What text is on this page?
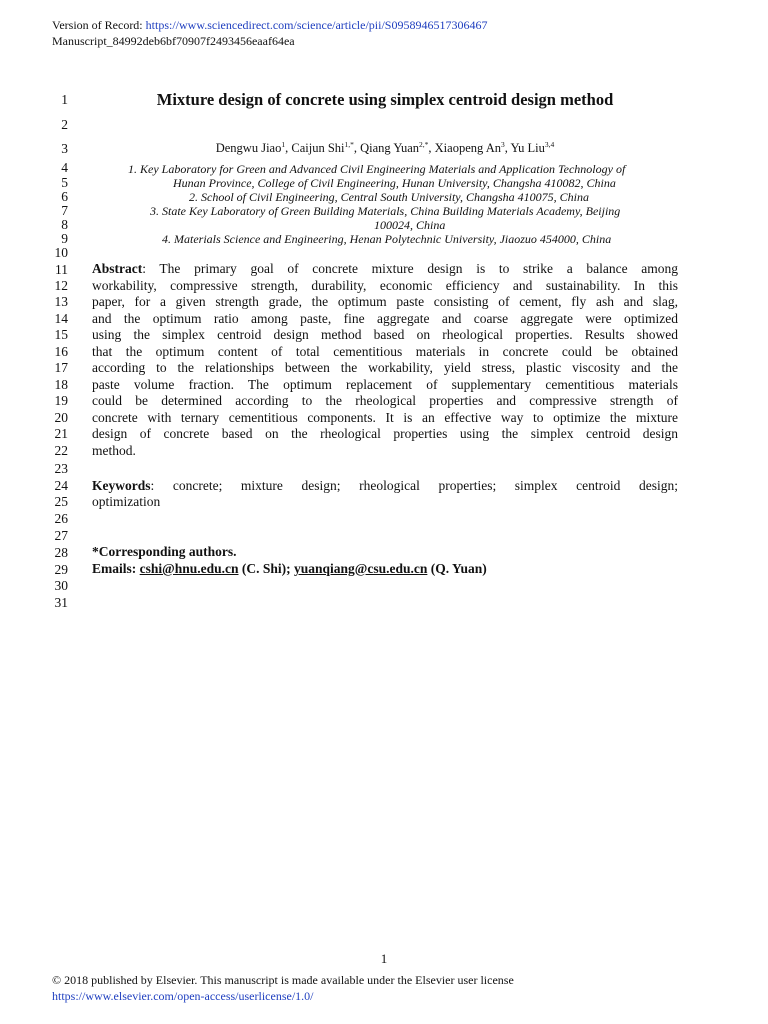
Version of Record: https://www.sciencedirect.com/science/article/pii/S0958946517306467
Manuscript_84992deb6bf70907f2493456eaaf64ea
1
2
3
4
5
6
7
8
9
10
11
12
13
14
15
16
17
18
19
20
21
22
23
24
25
26
27
28
29
30
31
Mixture design of concrete using simplex centroid design method
Dengwu Jiao$^1$, Caijun Shi$^{1,*}$, Qiang Yuan$^{2,*}$, Xiaopeng An$^3$, Yu Liu$^{3,4}$
1. Key Laboratory for Green and Advanced Civil Engineering Materials and Application Technology of
Hunan Province, College of Civil Engineering, Hunan University, Changsha 410082, China
2. School of Civil Engineering, Central South University, Changsha 410075, China
3. State Key Laboratory of Green Building Materials, China Building Materials Academy, Beijing
100024, China
4. Materials Science and Engineering, Henan Polytechnic University, Jiaozuo 454000, China
Abstract: The primary goal of concrete mixture design is to strike a balance among
workability, compressive strength, durability, economic efficiency and sustainability. In this
paper, for a given strength grade, the optimum paste consisting of cement, fly ash and slag,
and the optimum ratio among paste, fine aggregate and coarse aggregate were optimized
using the simplex centroid design method based on rheological properties. Results showed
that the optimum content of total cementitious materials in concrete could be obtained
according to the relationships between the workability, yield stress, plastic viscosity and the
paste volume fraction. The optimum replacement of supplementary cementitious materials
could be determined according to the rheological properties and compressive strength of
concrete with ternary cementitious components. It is an effective way to optimize the mixture
design of concrete based on the rheological properties using the simplex centroid design
method.
Keywords: concrete; mixture design; rheological properties; simplex centroid design;
optimization
*Corresponding authors.
Emails: cshi@hnu.edu.cn (C. Shi); yuanqiang@csu.edu.cn (Q. Yuan)
1
© 2018 published by Elsevier. This manuscript is made available under the Elsevier user license
https://www.elsevier.com/open-access/userlicense/1.0/
